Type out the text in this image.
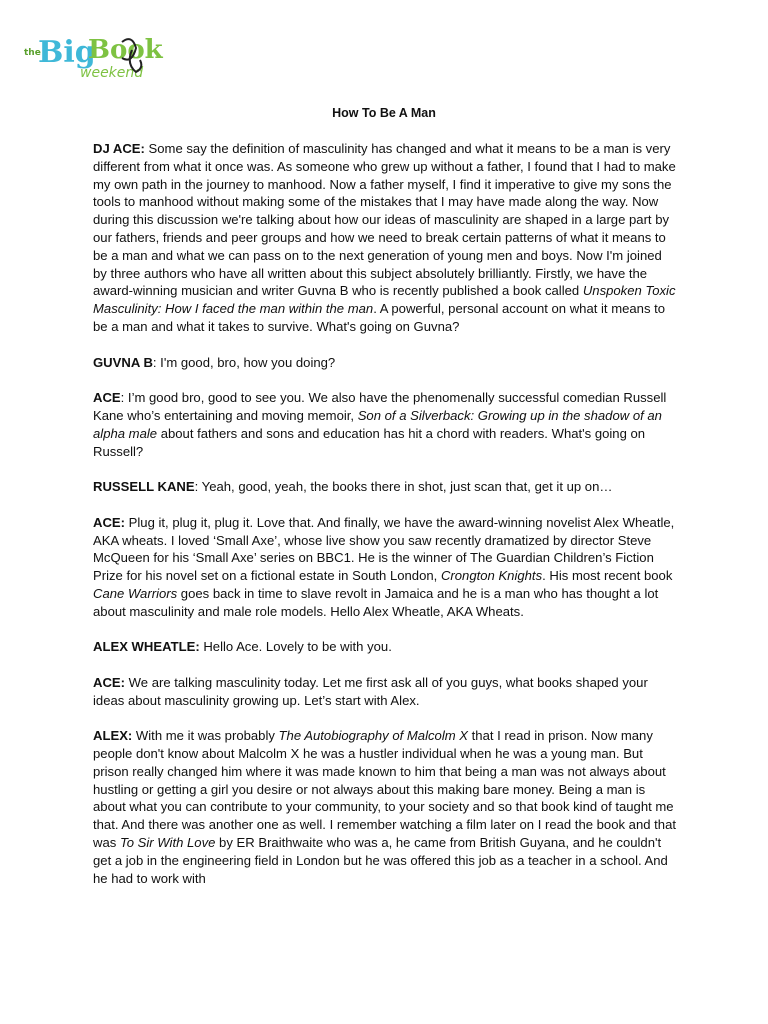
the
Big
Book
weekend
How To Be A Man

DJ ACE: Some say the definition of masculinity has changed and what it means to be a man is very different from what it once was. As someone who grew up without a father, I found that I had to make my own path in the journey to manhood. Now a father myself, I find it imperative to give my sons the tools to manhood without making some of the mistakes that I may have made along the way. Now during this discussion we're talking about how our ideas of masculinity are shaped in a large part by our fathers, friends and peer groups and how we need to break certain patterns of what it means to be a man and what we can pass on to the next generation of young men and boys. Now I'm joined by three authors who have all written about this subject absolutely brilliantly. Firstly, we have the award-winning musician and writer Guvna B who is recently published a book called Unspoken Toxic Masculinity: How I faced the man within the man. A powerful, personal account on what it means to be a man and what it takes to survive. What's going on Guvna?

GUVNA B: I'm good, bro, how you doing?

ACE: I’m good bro, good to see you. We also have the phenomenally successful comedian Russell Kane who’s entertaining and moving memoir, Son of a Silverback: Growing up in the shadow of an alpha male about fathers and sons and education has hit a chord with readers. What's going on Russell?

RUSSELL KANE: Yeah, good, yeah, the books there in shot, just scan that, get it up on…

ACE: Plug it, plug it, plug it. Love that. And finally, we have the award-winning novelist Alex Wheatle, AKA wheats. I loved ‘Small Axe’, whose live show you saw recently dramatized by director Steve McQueen for his ‘Small Axe’ series on BBC1. He is the winner of The Guardian Children’s Fiction Prize for his novel set on a fictional estate in South London, Crongton Knights. His most recent book Cane Warriors goes back in time to slave revolt in Jamaica and he is a man who has thought a lot about masculinity and male role models. Hello Alex Wheatle, AKA Wheats.

ALEX WHEATLE: Hello Ace. Lovely to be with you.

ACE: We are talking masculinity today. Let me first ask all of you guys, what books shaped your ideas about masculinity growing up. Let’s start with Alex.

ALEX: With me it was probably The Autobiography of Malcolm X that I read in prison. Now many people don't know about Malcolm X he was a hustler individual when he was a young man. But prison really changed him where it was made known to him that being a man was not always about hustling or getting a girl you desire or not always about this making bare money. Being a man is about what you can contribute to your community, to your society and so that book kind of taught me that. And there was another one as well. I remember watching a film later on I read the book and that was To Sir With Love by ER Braithwaite who was a, he came from British Guyana, and he couldn't get a job in the engineering field in London but he was offered this job as a teacher in a school. And he had to work with
